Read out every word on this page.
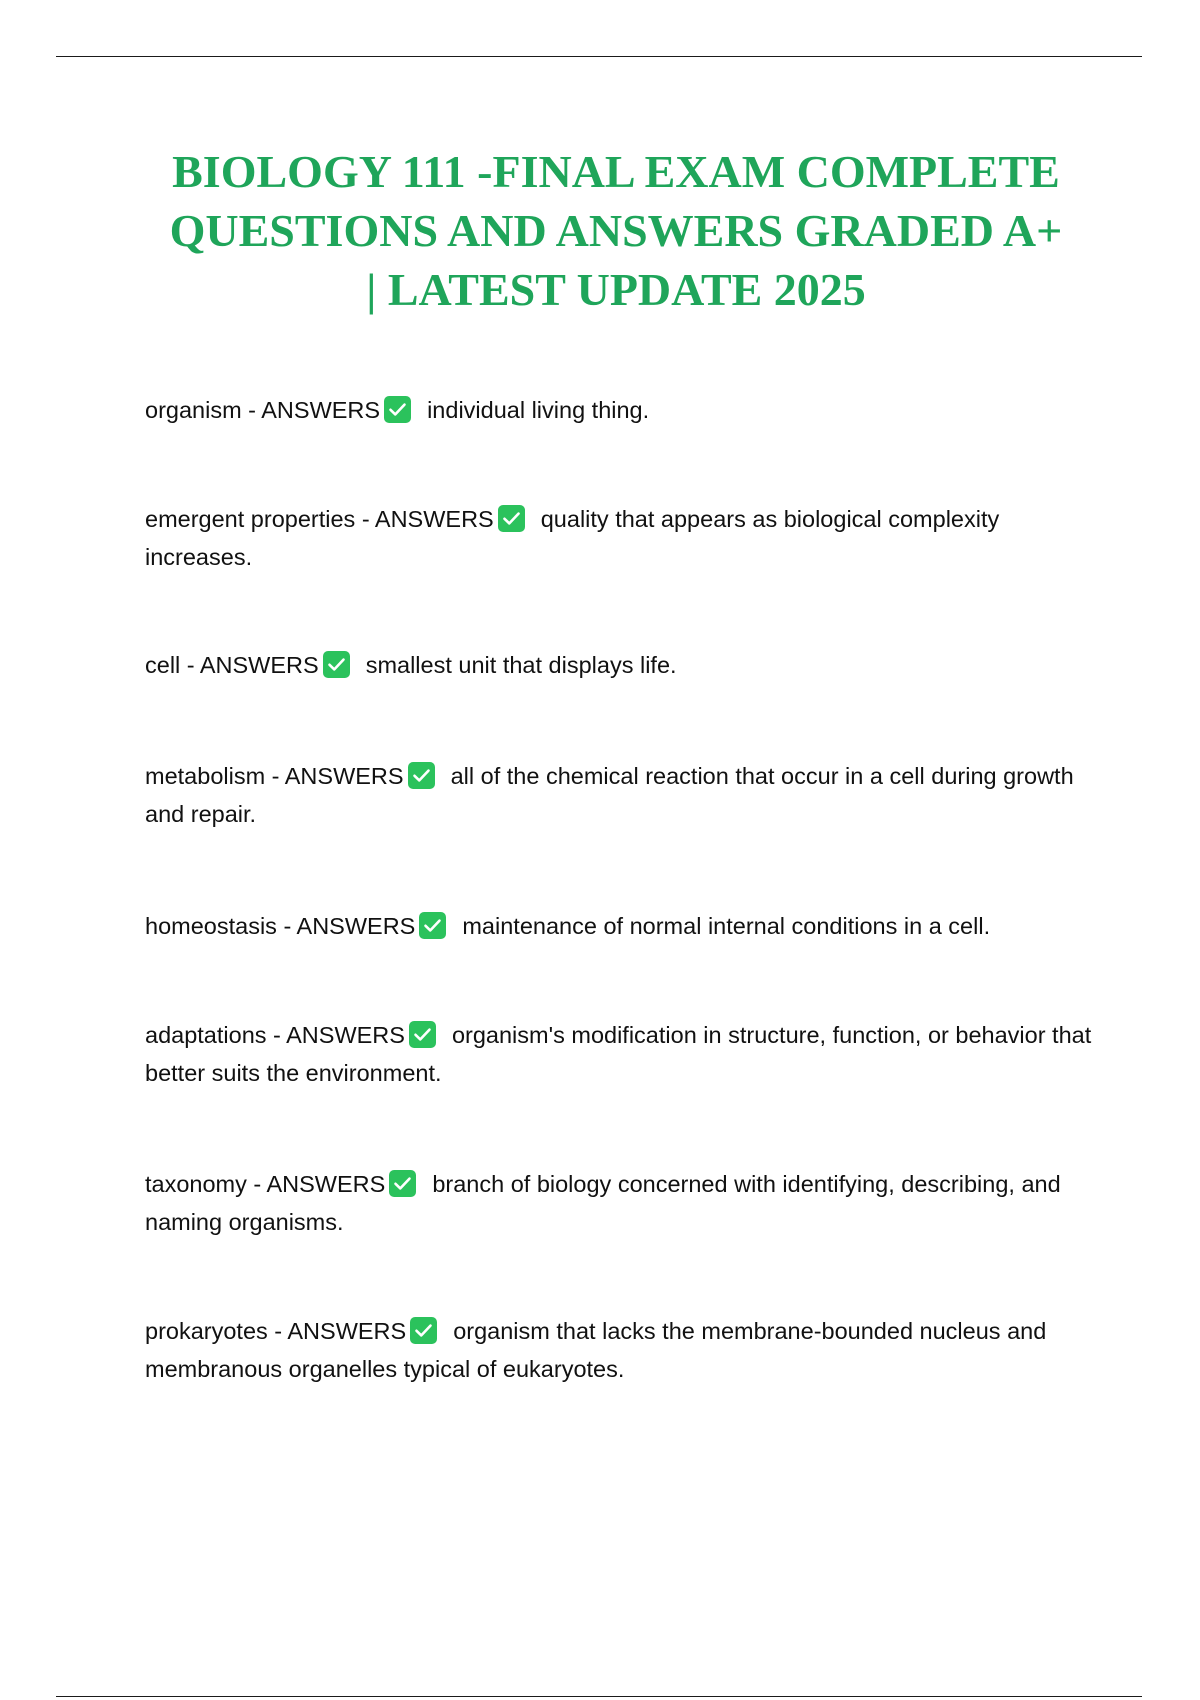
BIOLOGY 111 -FINAL EXAM COMPLETE
QUESTIONS AND ANSWERS GRADED A+
| LATEST UPDATE 2025
organism - ANSWERS individual living thing.
emergent properties - ANSWERS quality that appears as biological complexity increases.
cell - ANSWERS smallest unit that displays life.
metabolism - ANSWERS all of the chemical reaction that occur in a cell during growth and repair.
homeostasis - ANSWERS maintenance of normal internal conditions in a cell.
adaptations - ANSWERS organism's modification in structure, function, or behavior that better suits the environment.
taxonomy - ANSWERS branch of biology concerned with identifying, describing, and naming organisms.
prokaryotes - ANSWERS organism that lacks the membrane-bounded nucleus and membranous organelles typical of eukaryotes.
